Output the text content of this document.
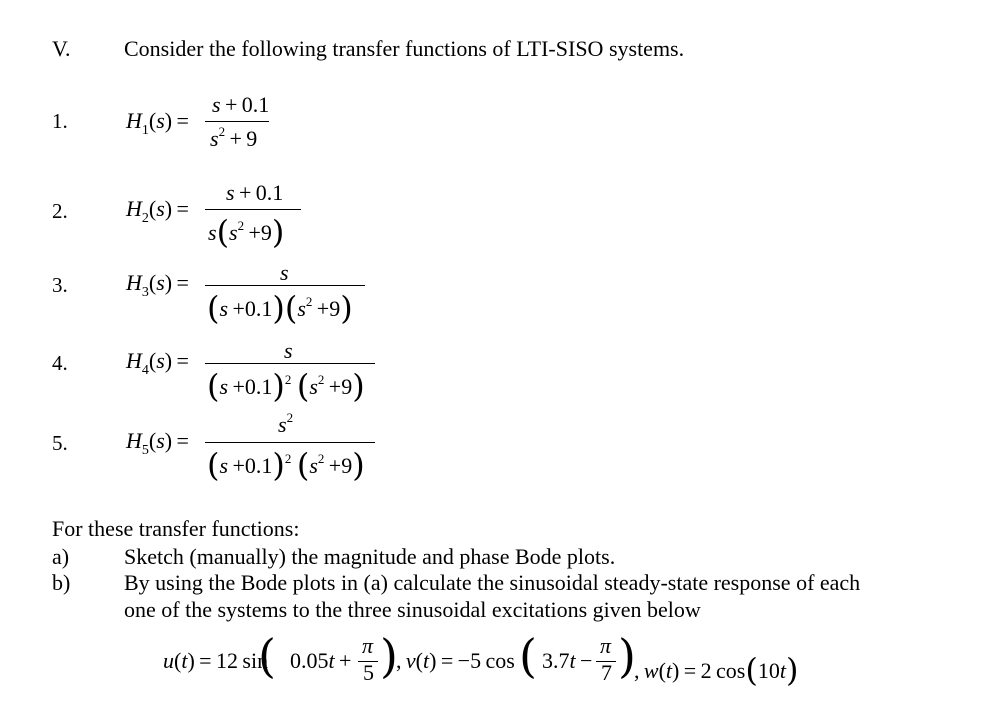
V. Consider the following transfer functions of LTI-SISO systems.
1.	$H_1(s)$ =
s + 0.1
$s^2 + 9$
2.	$H_2(s)$ =
s + 0.1
$s(s^2 +9)$
3.	$H_3(s)$ =	s
$(s +0.1)(s^2 +9)$
4.	$H_4(s)$ =	s
$(s +0.1)^2$ $(s^2 +9)$
5.	$H_5(s)$ =
$s^2$
$(s +0.1)^2$ $(s^2 +9)$
For these transfer functions:
a) Sketch (manually) the magnitude and phase Bode plots.
b) By using the Bode plots in (a) calculate the sinusoidal steady-state response of each
one of the systems to the three sinusoidal excitations given below
u(t) = 12 sin
( 0.05t +
π
5 )
, v(t) = −5 cos ( 3.7t −
π
7 )
, w(t) = 2 cos(10t)
